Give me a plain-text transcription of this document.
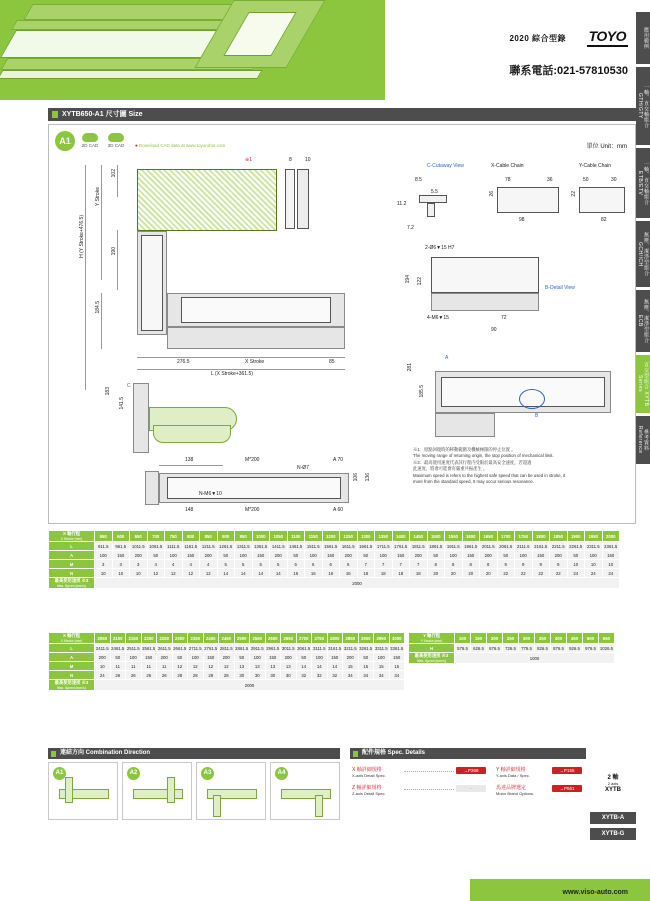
2020 綜合型錄 TOYO
聯系電話:021-57810530
應用範例
一軸、直交軸組合 GTH/GTY
一軸、直交軸組合 ETB/ETV
無塵、潔淨型組合 GCH/ICH
無塵、潔淨型組合 ECB
直交型組合 XYTB Series
參考資料 Reference
XYTB650-A1 尺寸圖 Size
A1	2D CAD	3D CAD	● Download CAD data at www.toyorobot.com	單位 Unit：mm
H (Y Stroke+476.5)
Y Stroke
102
190
184.5
※1	8	10
276.5	X Stroke	85
L (X Stroke+361.5)
C
183
141.5
138	M*200
N-Ø7
A 70
106 136
148
N-M6▼10
M*200	A 60
C-Cutaway View
8.5
5.5
11.2
7.2
X-Cable Chain
78	36
26
98
Y-Cable Chain
50	30
22
82
2-Ø6▼15 H7
194 122
B-Detail View
4-M6▼15	72
90
281
185.5
B
A
※1：原點回復時的移動範圍及機械極限的停止位置 。
The moving range of returning origin, the stop position of mechanical limit.
※3：最高使用速度代表該行程内受限於最高安全速度，若超過
此速度，將會可能會有嚴重共振產生 。
Maximum speed is refers to the highest safe speed that can be used in stroke, it
more from the standard speed, It may occur serious resonance.
X 軸行程
X Stroke (mm)	550	600	650	700	750	800	850	900	950	1000	1050	1100	1150	1200	1250	1300	1350	1400	1450	1500	1550	1600	1650	1700	1750	1800	1850	1900	1950	2000
L	911.5	961.5	1011.5	1061.5	1111.5	1161.5	1211.5	1261.5	1311.5	1361.5	1411.5	1461.5	1511.5	1561.5	1611.5	1661.5	1711.5	1761.5	1811.5	1861.5	1911.5	1961.5	2011.5	2061.5	2111.5	2161.5	2211.5	2261.5	2311.5	2361.5
A	100	150	200	50	100	150	200	50	100	150	200	50	100	150	200	50	100	150	200	50	100	150	200	50	100	150	200	50	100	150
M	3	3	3	4	4	4	4	5	5	5	5	6	6	6	6	7	7	7	7	8	8	8	8	9	9	9	9	10	10	10
N	10	10	10	12	12	12	12	14	14	14	14	16	16	16	16	18	18	18	18	20	20	20	20	22	22	22	22	24	24	24
最高使用速度 ※3
Max. Speed (mm/s)	2000																													
X 軸行程
X Stroke (mm)	2050	2100	2150	2200	2250	2300	2350	2400	2450	2500	2550	2600	2650	2700	2750	2800	2850	2900	2950	3000
L	2411.5	2461.5	2511.5	2561.5	2611.5	2661.5	2711.5	2761.5	2811.5	2861.5	2911.5	2961.5	3011.5	3061.5	3111.5	3161.5	3211.5	3261.5	3311.5	3361.5
A	200	50	100	150	200	50	100	150	200	50	100	150	200	50	100	150	200	50	100	150
M	10	11	11	11	11	12	12	12	12	13	13	13	13	14	14	14	15	15	15	15
N	24	26	26	26	26	28	28	28	28	30	30	30	30	32	32	32	34	34	34	34
最高使用速度 ※3
Max. Speed (mm/s)	2000																			
Y 軸行程
Y Stroke (mm)	100	150	200	250	300	350	400	450	500	550
H	576.5	626.5	676.5	726.5	776.5	826.5	876.5	926.5	976.5	1026.5
最高使用速度 ※3
Max. Speed (mm/s)	1000									
連結方向 Combination Direction
A1	A2	A3	A4
配件規格 Spec. Details
X 軸詳細規格
X-axis Detail Spec.
→P269
Z 軸詳細規格
Z-axis Detail Spec.
-
Y 軸詳細規格
Y-axis Data / Spec.
→P155
馬達品牌選定
Motor Brand Options.
→P561
2 軸
2 axis
XYTB
XYTB-A
XYTB-G
www.viso-auto.com
